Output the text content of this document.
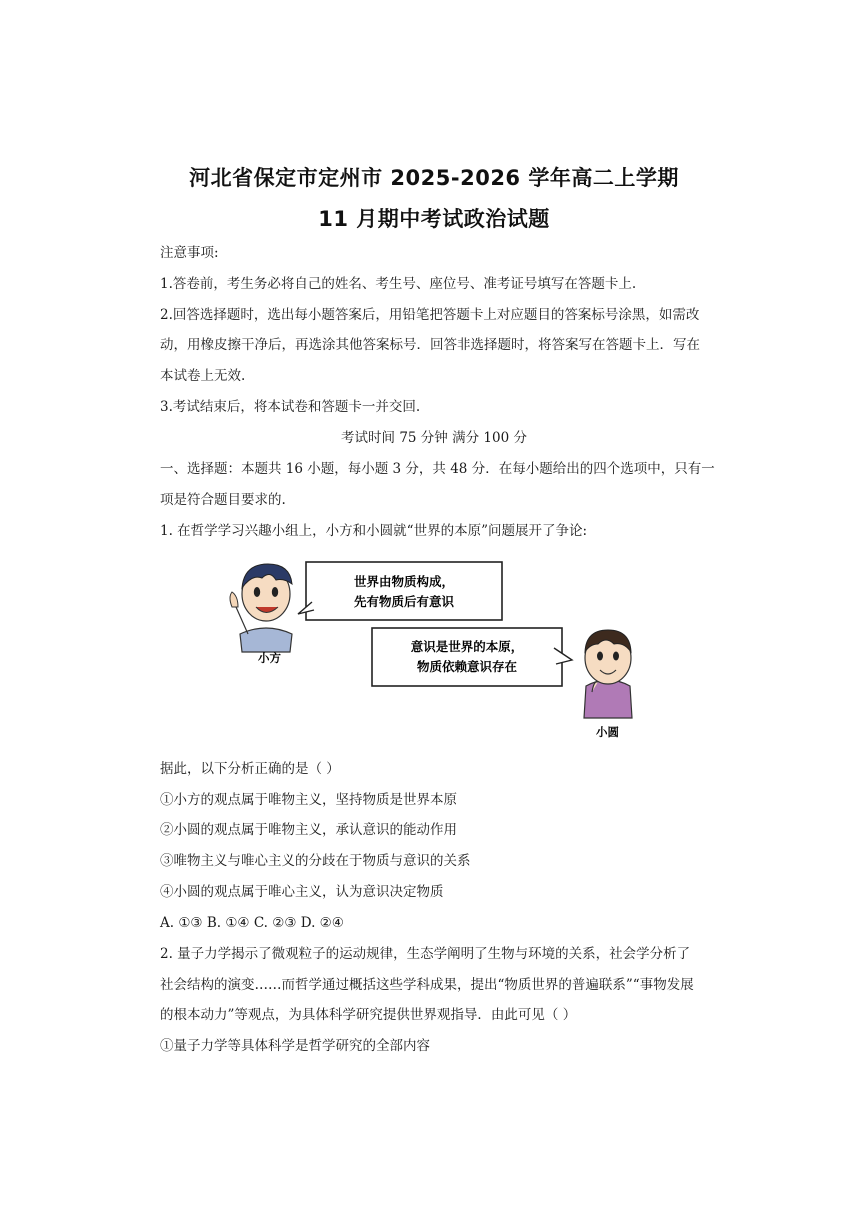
河北省保定市定州市 2025-2026 学年高二上学期
11 月期中考试政治试题
注意事项:
1.答卷前，考生务必将自己的姓名、考生号、座位号、准考证号填写在答题卡上.
2.回答选择题时，选出每小题答案后，用铅笔把答题卡上对应题目的答案标号涂黑，如需改
动，用橡皮擦干净后，再选涂其他答案标号．回答非选择题时，将答案写在答题卡上．写在
本试卷上无效.
3.考试结束后，将本试卷和答题卡一并交回.
考试时间 75 分钟 满分 100 分
一、选择题：本题共 16 小题，每小题 3 分，共 48 分．在每小题给出的四个选项中，只有一
项是符合题目要求的.
1. 在哲学学习兴趣小组上，小方和小圆就“世界的本原”问题展开了争论:
小方
世界由物质构成，
先有物质后有意识
意识是世界的本原，
物质依赖意识存在
小圆
据此，以下分析正确的是（ ）
①小方的观点属于唯物主义，坚持物质是世界本原
②小圆的观点属于唯物主义，承认意识的能动作用
③唯物主义与唯心主义的分歧在于物质与意识的关系
④小圆的观点属于唯心主义，认为意识决定物质
A. ①③ B. ①④ C. ②③ D. ②④
2. 量子力学揭示了微观粒子的运动规律，生态学阐明了生物与环境的关系，社会学分析了
社会结构的演变……而哲学通过概括这些学科成果，提出“物质世界的普遍联系”“事物发展
的根本动力”等观点，为具体科学研究提供世界观指导．由此可见（ ）
①量子力学等具体科学是哲学研究的全部内容
